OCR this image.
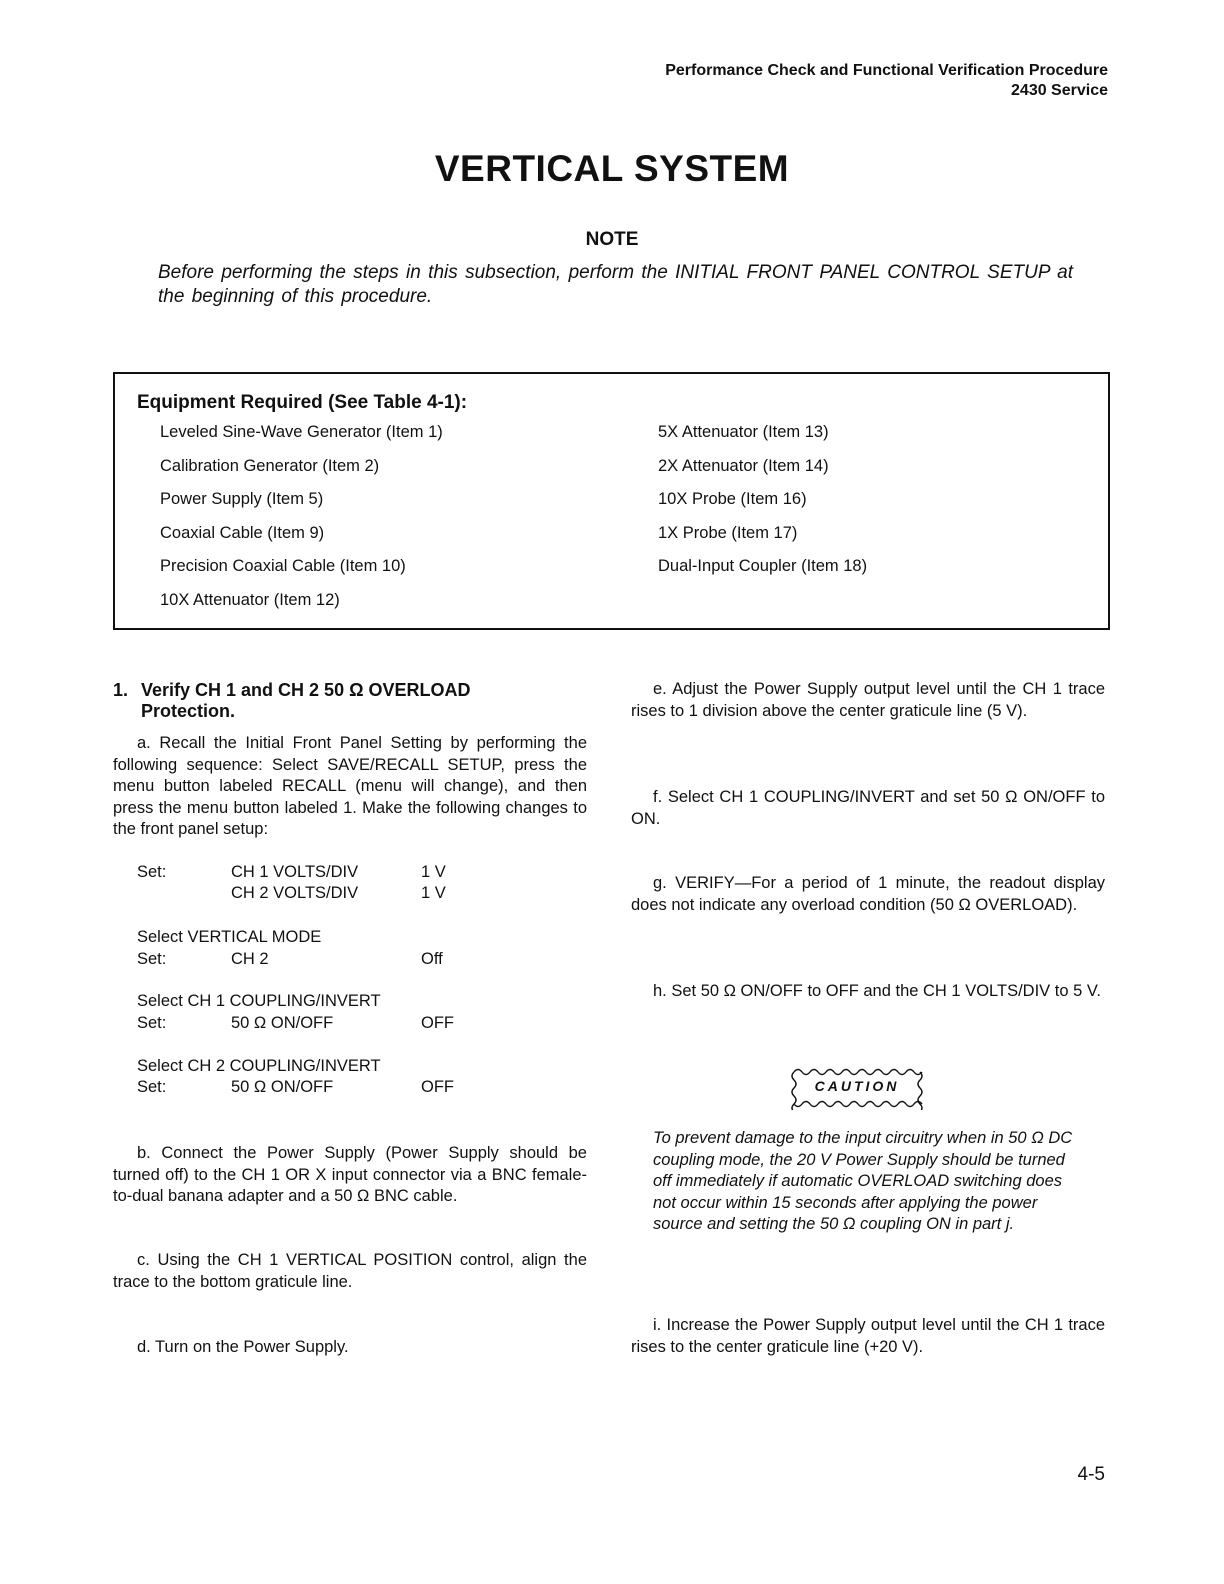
Performance Check and Functional Verification Procedure
2430 Service
VERTICAL SYSTEM
NOTE
Before performing the steps in this subsection, perform the INITIAL FRONT PANEL CONTROL SETUP at the beginning of this procedure.
Equipment Required (See Table 4-1):
Leveled Sine-Wave Generator (Item 1)
Calibration Generator (Item 2)
Power Supply (Item 5)
Coaxial Cable (Item 9)
Precision Coaxial Cable (Item 10)
10X Attenuator (Item 12)
5X Attenuator (Item 13)
2X Attenuator (Item 14)
10X Probe (Item 16)
1X Probe (Item 17)
Dual-Input Coupler (Item 18)
1. Verify CH 1 and CH 2 50 Ω OVERLOAD
Protection.
a. Recall the Initial Front Panel Setting by performing the following sequence: Select SAVE/RECALL SETUP, press the menu button labeled RECALL (menu will change), and then press the menu button labeled 1. Make the following changes to the front panel setup:
Set:	CH 1 VOLTS/DIV	1 V
CH 2 VOLTS/DIV	1 V
Select VERTICAL MODE
Set:	CH 2	Off
Select CH 1 COUPLING/INVERT
Set:	50 Ω ON/OFF	OFF
Select CH 2 COUPLING/INVERT
Set:	50 Ω ON/OFF	OFF
b. Connect the Power Supply (Power Supply should be turned off) to the CH 1 OR X input connector via a BNC female-to-dual banana adapter and a 50 Ω BNC cable.
c. Using the CH 1 VERTICAL POSITION control, align the trace to the bottom graticule line.
d. Turn on the Power Supply.
e. Adjust the Power Supply output level until the CH 1 trace rises to 1 division above the center graticule line (5 V).
f. Select CH 1 COUPLING/INVERT and set 50 Ω ON/OFF to ON.
g. VERIFY—For a period of 1 minute, the readout display does not indicate any overload condition (50 Ω OVERLOAD).
h. Set 50 Ω ON/OFF to OFF and the CH 1 VOLTS/DIV to 5 V.
CAUTION
To prevent damage to the input circuitry when in 50 Ω DC coupling mode, the 20 V Power Supply should be turned off immediately if automatic OVERLOAD switching does not occur within 15 seconds after applying the power source and setting the 50 Ω coupling ON in part j.
i. Increase the Power Supply output level until the CH 1 trace rises to the center graticule line (+20 V).
4-5
